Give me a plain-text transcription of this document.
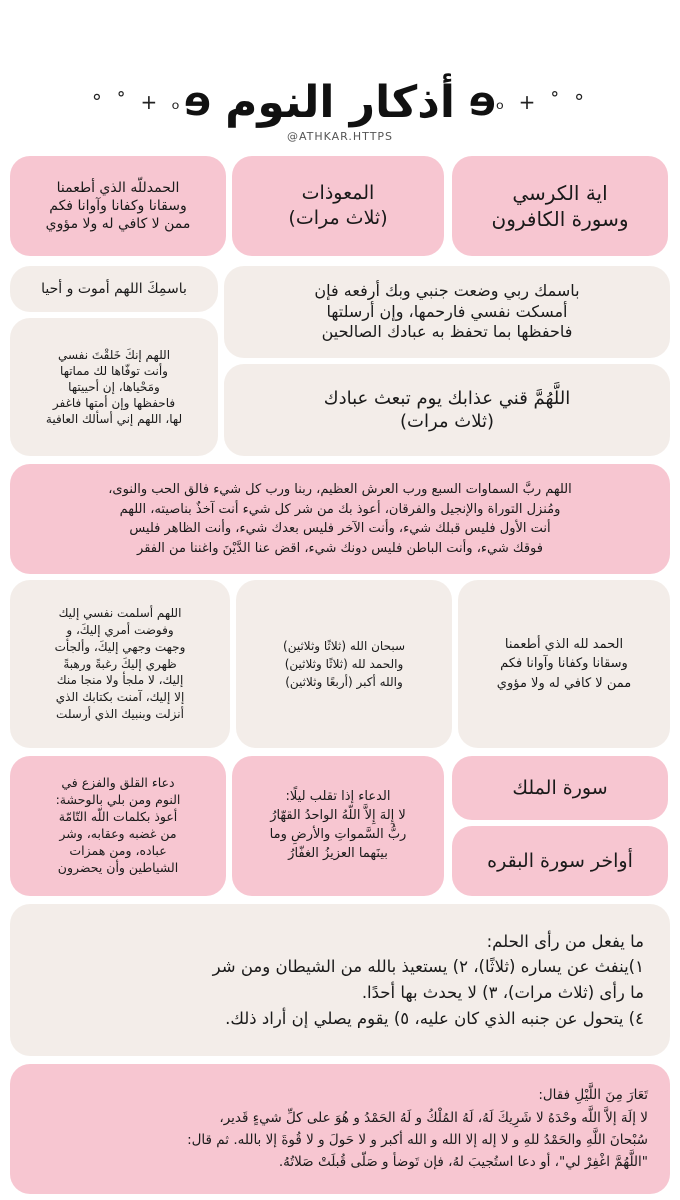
° ˚ + ₒ ɘ أذكار النوم ɘ ₒ + ˚ °
@ATHKAR.HTTPS
اية الكرسي
وسورة الكافرون
المعوذات
(ثلاث مرات)
الحمدللّه الذي أطعمنا
وسقانا وكفانا وآوانا فكم
ممن لا كافي له ولا مؤوي
باسمك ربي وضعت جنبي وبك أرفعه فإن
أمسكت نفسي فارحمها، وإن أرسلتها
فاحفظها بما تحفظ به عبادك الصالحين
اللَّهُمَّ قني عذابك يوم تبعث عبادك
(ثلاث مرات)
باسمِكَ اللهم أموت و أحيا
اللهم إنكَ خَلقْتَ نفسي
وأنت توفّاها لك مماتها
ومَحْياها، إن أحييتها
فاحفظها وإن أمتها فاغفر
لها، اللهم إني أسألك العافية
اللهم ربَّ السماوات السبع ورب العرش العظيم، ربنا ورب كل شيء فالق الحب والنوى،
ومُنزل التوراة والإنجيل والفرقان، أعوذ بك من شر كل شيء أنت آخذٌ بناصيته، اللهم
أنت الأول فليس قبلك شيء، وأنت الآخر فليس بعدك شيء، وأنت الظاهر فليس
فوقك شيء، وأنت الباطن فليس دونك شيء، اقض عنا الدَّيْنَ واغننا من الفقر
الحمد لله الذي أطعمنا
وسقانا وكفانا وآوانا فكم
ممن لا كافي له ولا مؤوي
سبحان الله (ثلاثًا وثلاثين)
والحمد لله (ثلاثًا وثلاثين)
والله أكبر (أربعًا وثلاثين)
اللهم أسلمت نفسي إليك
وفوضت أمري إليكَ، و
وجهت وجهي إليكَ، وألجأت
ظهري إليكَ رغبةً ورهبةً
إليك، لا ملجأ ولا منجا منك
إلا إليك، آمنت بكتابك الذي
أنزلت وبنبيك الذي أرسلت
سورة الملك
أواخر سورة البقره
الدعاء إذا تقلب ليلًا:
لا إِلهَ إِلاَّ اللّهُ الواحدُ القهّارُ
ربُّ السَّمواتِ والأرضِ وما
بينَهما العزيزُ الغفّارُ
دعاء القلق والفزع في
النوم ومن بلي بالوحشة:
أعوذ بكلمات اللّه التّامّة
من غضبه وعقابه، وشر
عباده، ومن همزات
الشياطين وأن يحضرون
ما يفعل من رأى الحلم:
١)ينفث عن يساره (ثلاثًا)، ٢) يستعيذ بالله من الشيطان ومن شر
ما رأى (ثلاث مرات)، ٣) لا يحدث بها أحدًا.
٤) يتحول عن جنبه الذي كان عليه، ٥) يقوم يصلي إن أراد ذلك.
تَعَارَ مِنَ اللَّيْلِ فقال:
لا إلَهَ إلاَّ اللَّه وحْدَهُ لا شَرِيكَ لَهُ، لَهُ المُلْكُ و لَهُ الحَمْدُ و هُوَ على كلِّ شيءٍ قَدير،
سُبْحانَ اللَّهِ والحَمْدُ للهِ و لا إله إلا الله و الله أكبر و لا حَولَ و لا قُوةَ إلا بالله. ثم قال:
"اللَّهُمَّ اغْفِرْ لي"، أو دعا استُجيبَ لهُ، فإن تَوضأ و صَلّى قُبلَتْ صَلاتُهُ.
